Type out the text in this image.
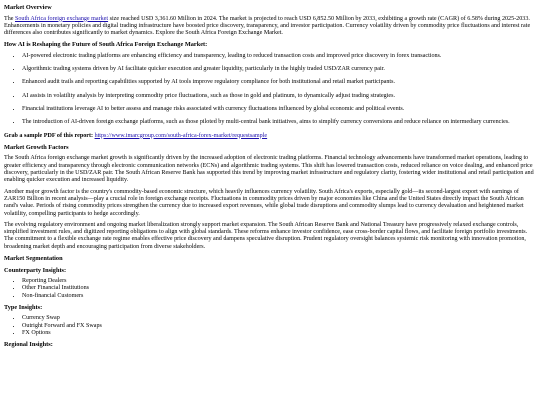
Market Overview

The South Africa foreign exchange market size reached USD 3,361.60 Million in 2024. The market is projected to reach USD 6,852.50 Million by 2033, exhibiting a growth rate (CAGR) of 6.58% during 2025-2033. Enhancements in monetary policies and digital trading infrastructure have boosted price discovery, transparency, and investor participation. Currency volatility driven by commodity price fluctuations and interest rate differences also contributes significantly to market dynamics. Explore the South Africa Foreign Exchange Market.

How AI is Reshaping the Future of South Africa Foreign Exchange Market:
• AI-powered electronic trading platforms are enhancing efficiency and transparency, leading to reduced transaction costs and improved price discovery in forex transactions.
• Algorithmic trading systems driven by AI facilitate quicker execution and greater liquidity, particularly in the highly traded USD/ZAR currency pair.
• Enhanced audit trails and reporting capabilities supported by AI tools improve regulatory compliance for both institutional and retail market participants.
• AI assists in volatility analysis by interpreting commodity price fluctuations, such as those in gold and platinum, to dynamically adjust trading strategies.
• Financial institutions leverage AI to better assess and manage risks associated with currency fluctuations influenced by global economic and political events.
• The introduction of AI-driven foreign exchange platforms, such as those piloted by multi-central bank initiatives, aims to simplify currency conversions and reduce reliance on intermediary currencies.

Grab a sample PDF of this report: https://www.imarcgroup.com/south-africa-forex-market/requestsample

Market Growth Factors

The South Africa foreign exchange market growth is significantly driven by the increased adoption of electronic trading platforms. Financial technology advancements have transformed market operations, leading to greater efficiency and transparency through electronic communication networks (ECNs) and algorithmic trading systems. This shift has lowered transaction costs, reduced reliance on voice dealing, and enhanced price discovery, particularly in the USD/ZAR pair. The South African Reserve Bank has supported this trend by improving market infrastructure and regulatory clarity, fostering wider institutional and retail participation and enabling quicker execution and increased liquidity.

Another major growth factor is the country's commodity-based economic structure, which heavily influences currency volatility. South Africa's exports, especially gold—its second-largest export with earnings of ZAR150 Billion in recent analysis—play a crucial role in foreign exchange receipts. Fluctuations in commodity prices driven by major economies like China and the United States directly impact the South African rand's value. Periods of rising commodity prices strengthen the currency due to increased export revenues, while global trade disruptions and commodity slumps lead to currency devaluation and heightened market volatility, compelling participants to hedge accordingly.

The evolving regulatory environment and ongoing market liberalization strongly support market expansion. The South African Reserve Bank and National Treasury have progressively relaxed exchange controls, simplified investment rules, and digitized reporting obligations to align with global standards. These reforms enhance investor confidence, ease cross-border capital flows, and facilitate foreign portfolio investments. The commitment to a flexible exchange rate regime enables effective price discovery and dampens speculative disruption. Prudent regulatory oversight balances systemic risk monitoring with innovation promotion, broadening market depth and encouraging participation from diverse stakeholders.

Market Segmentation
Counterparty Insights:
• Reporting Dealers
• Other Financial Institutions
• Non-financial Customers
Type Insights:
• Currency Swap
• Outright Forward and FX Swaps
• FX Options
Regional Insights:
